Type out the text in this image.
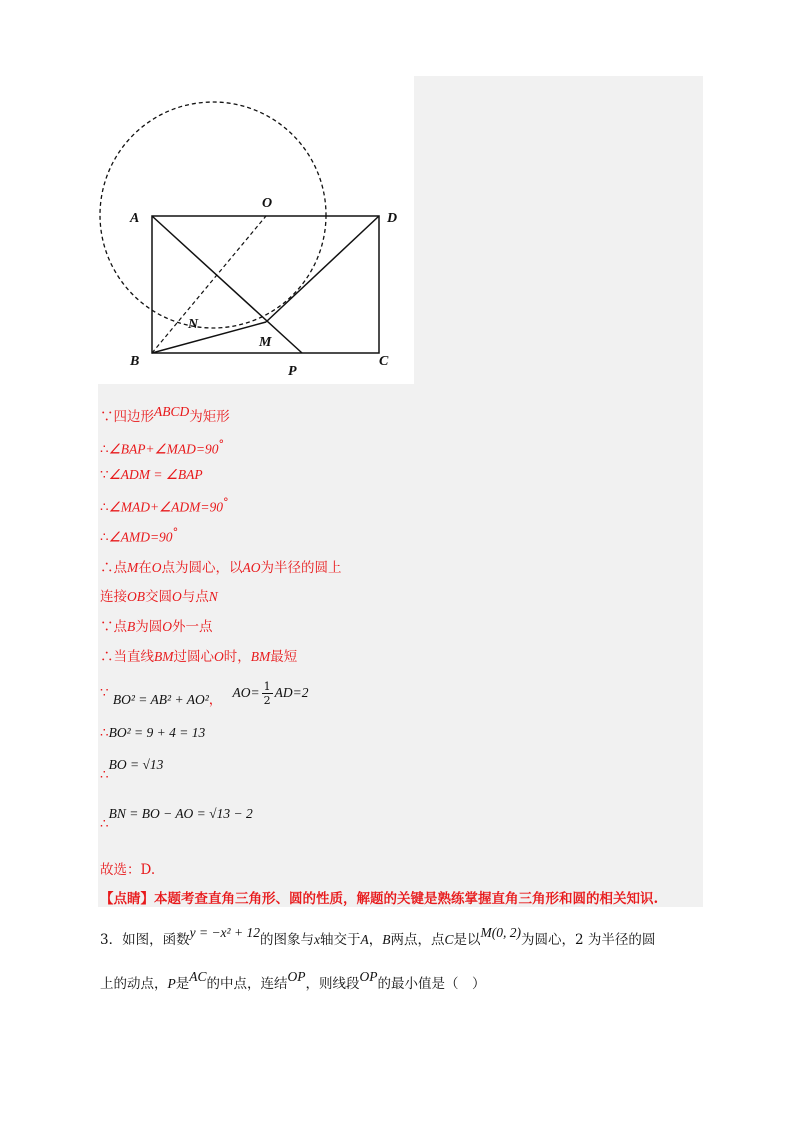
A
O
D
N
M
B
P
C
∵四边形ABCD为矩形
∴∠BAP+∠MAD=90°
∵∠ADM = ∠BAP
∴∠MAD+∠ADM=90°
∴∠AMD=90°
∴点M在O点为圆心，以AO为半径的圆上
连接OB交圆O与点N
∵点B为圆O外一点
∴当直线BM过圆心O时，BM最短
∵ BO² = AB² + AO²， $AO= \frac{1}{2} AD=2$
∴BO² = 9 + 4 = 13
∴BO = √13
∴BN = BO − AO = √13 − 2
故选：D.
【点睛】本题考查直角三角形、圆的性质，解题的关键是熟练掌握直角三角形和圆的相关知识.
3．如图，函数y = −x² + 12的图象与x轴交于A，B两点，点C是以M(0, 2)为圆心，2 为半径的圆
上的动点，P是AC的中点，连结OP，则线段OP的最小值是（　）
